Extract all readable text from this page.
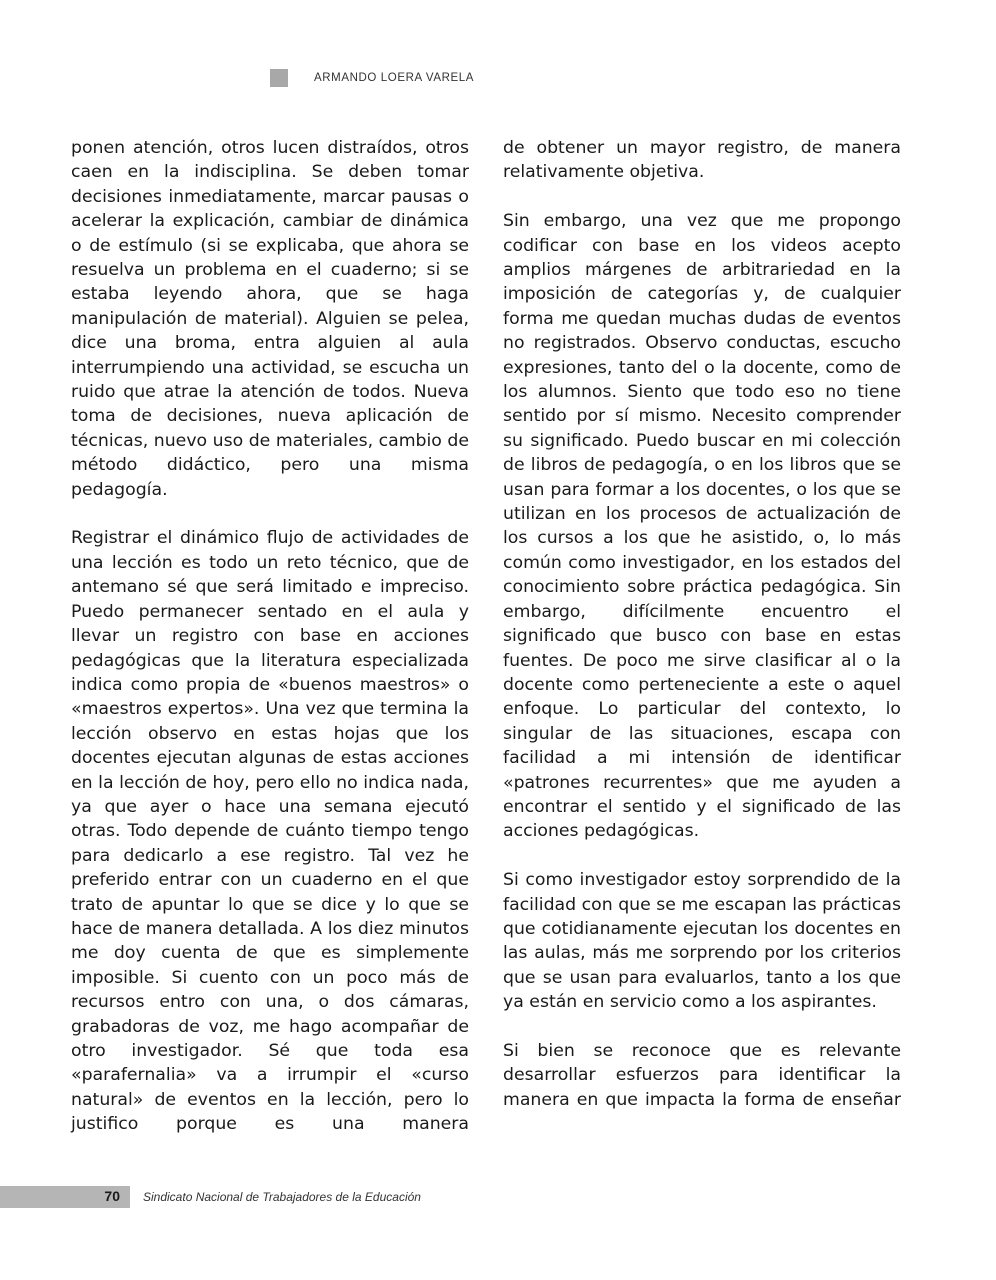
ARMANDO LOERA VARELA

ponen atención, otros lucen distraídos, otros caen en la indisciplina. Se deben tomar decisiones inmediatamente, marcar pausas o acelerar la explicación, cambiar de dinámica o de estímulo (si se explicaba, que ahora se resuelva un problema en el cuaderno; si se estaba leyendo ahora, que se haga manipulación de material). Alguien se pelea, dice una broma, entra alguien al aula interrumpiendo una actividad, se escucha un ruido que atrae la atención de todos. Nueva toma de decisiones, nueva aplicación de técnicas, nuevo uso de materiales, cambio de método didáctico, pero una misma pedagogía.

Registrar el dinámico flujo de actividades de una lección es todo un reto técnico, que de antemano sé que será limitado e impreciso. Puedo permanecer sentado en el aula y llevar un registro con base en acciones pedagógicas que la literatura especializada indica como propia de «buenos maestros» o «maestros expertos». Una vez que termina la lección observo en estas hojas que los docentes ejecutan algunas de estas acciones en la lección de hoy, pero ello no indica nada, ya que ayer o hace una semana ejecutó otras. Todo depende de cuánto tiempo tengo para dedicarlo a ese registro. Tal vez he preferido entrar con un cuaderno en el que trato de apuntar lo que se dice y lo que se hace de manera detallada. A los diez minutos me doy cuenta de que es simplemente imposible. Si cuento con un poco más de recursos entro con una, o dos cámaras, grabadoras de voz, me hago acompañar de otro investigador. Sé que toda esa «parafernalia» va a irrumpir el «curso natural» de eventos en la lección, pero lo justifico porque es una manera

de obtener un mayor registro, de manera relativamente objetiva.

Sin embargo, una vez que me propongo codificar con base en los videos acepto amplios márgenes de arbitrariedad en la imposición de categorías y, de cualquier forma me quedan muchas dudas de eventos no registrados. Observo conductas, escucho expresiones, tanto del o la docente, como de los alumnos. Siento que todo eso no tiene sentido por sí mismo. Necesito comprender su significado. Puedo buscar en mi colección de libros de pedagogía, o en los libros que se usan para formar a los docentes, o los que se utilizan en los procesos de actualización de los cursos a los que he asistido, o, lo más común como investigador, en los estados del conocimiento sobre práctica pedagógica. Sin embargo, difícilmente encuentro el significado que busco con base en estas fuentes. De poco me sirve clasificar al o la docente como perteneciente a este o aquel enfoque. Lo particular del contexto, lo singular de las situaciones, escapa con facilidad a mi intensión de identificar «patrones recurrentes» que me ayuden a encontrar el sentido y el significado de las acciones pedagógicas.

Si como investigador estoy sorprendido de la facilidad con que se me escapan las prácticas que cotidianamente ejecutan los docentes en las aulas, más me sorprendo por los criterios que se usan para evaluarlos, tanto a los que ya están en servicio como a los aspirantes.

Si bien se reconoce que es relevante desarrollar esfuerzos para identificar la manera en que impacta la forma de enseñar

70 Sindicato Nacional de Trabajadores de la Educación
